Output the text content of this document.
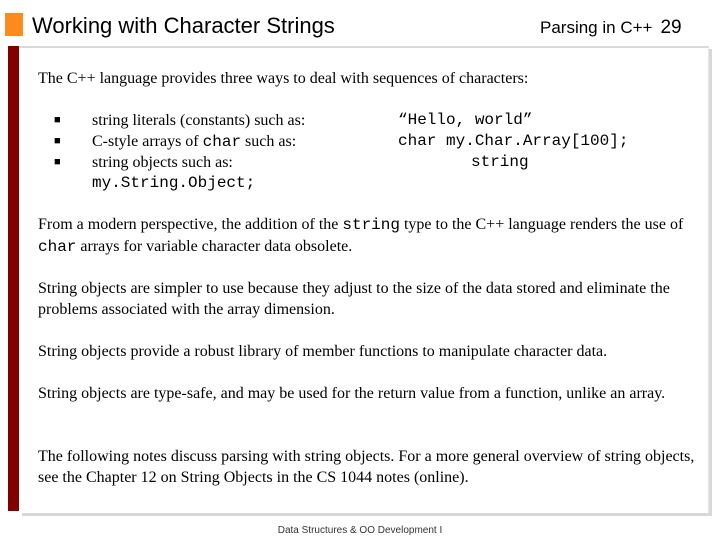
Working with Character Strings	Parsing in C++ 29

The C++ language provides three ways to deal with sequences of characters:

■ string literals (constants) such as:	“Hello, world”
■ C-style arrays of char such as:	char my.Char.Array[100];
■ string objects such as:	string
my.String.Object;

From a modern perspective, the addition of the string type to the C++ language renders the use of char arrays for variable character data obsolete.

String objects are simpler to use because they adjust to the size of the data stored and eliminate the problems associated with the array dimension.

String objects provide a robust library of member functions to manipulate character data.

String objects are type-safe, and may be used for the return value from a function, unlike an array.

The following notes discuss parsing with string objects. For a more general overview of string objects, see the Chapter 12 on String Objects in the CS 1044 notes (online).

Data Structures & OO Development I
